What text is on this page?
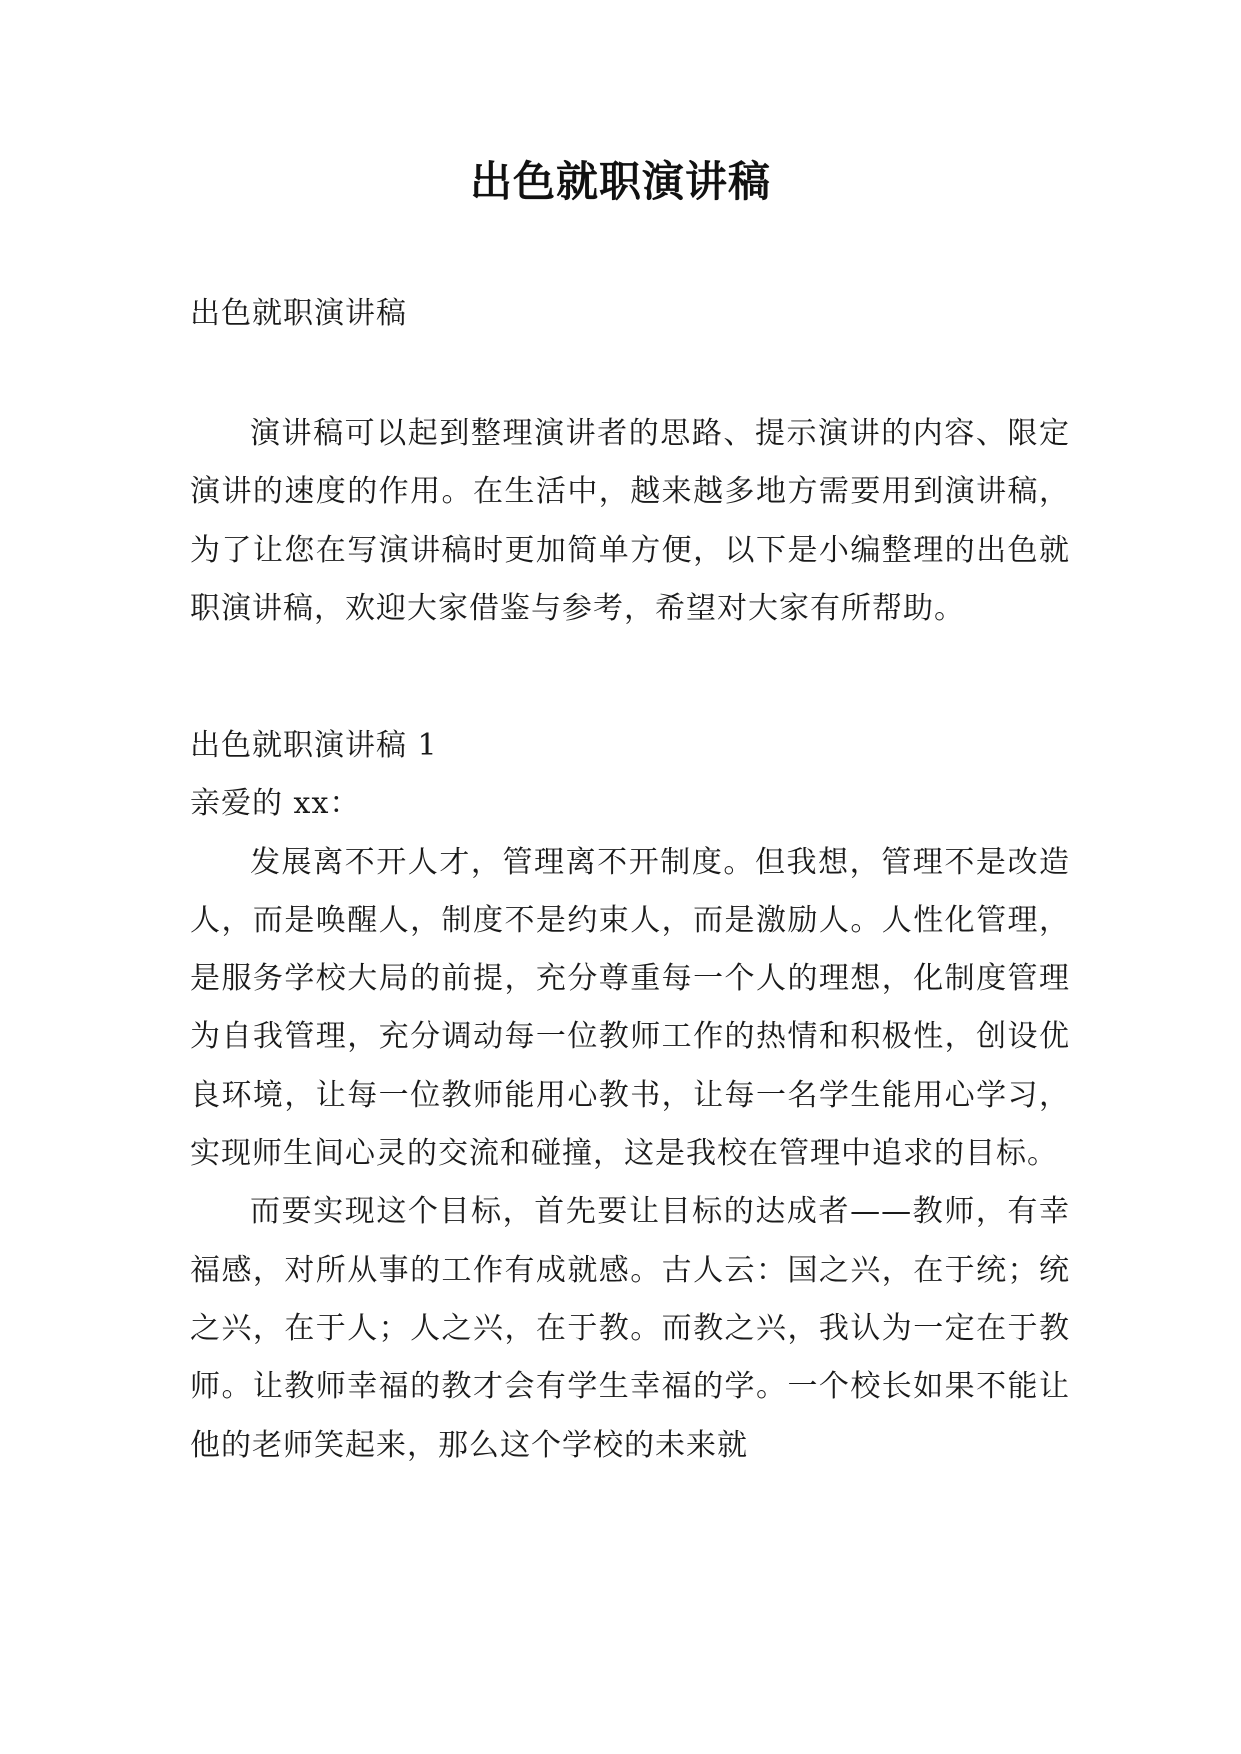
出色就职演讲稿
出色就职演讲稿

演讲稿可以起到整理演讲者的思路、提示演讲的内容、限定演讲的速度的作用。在生活中，越来越多地方需要用到演讲稿，为了让您在写演讲稿时更加简单方便，以下是小编整理的出色就职演讲稿，欢迎大家借鉴与参考，希望对大家有所帮助。

出色就职演讲稿 1

亲爱的 xx：

发展离不开人才，管理离不开制度。但我想，管理不是改造人，而是唤醒人，制度不是约束人，而是激励人。人性化管理，是服务学校大局的前提，充分尊重每一个人的理想，化制度管理为自我管理，充分调动每一位教师工作的热情和积极性，创设优良环境，让每一位教师能用心教书，让每一名学生能用心学习，实现师生间心灵的交流和碰撞，这是我校在管理中追求的目标。

而要实现这个目标，首先要让目标的达成者——教师，有幸福感，对所从事的工作有成就感。古人云：国之兴，在于统；统之兴，在于人；人之兴，在于教。而教之兴，我认为一定在于教师。让教师幸福的教才会有学生幸福的学。一个校长如果不能让他的老师笑起来，那么这个学校的未来就
